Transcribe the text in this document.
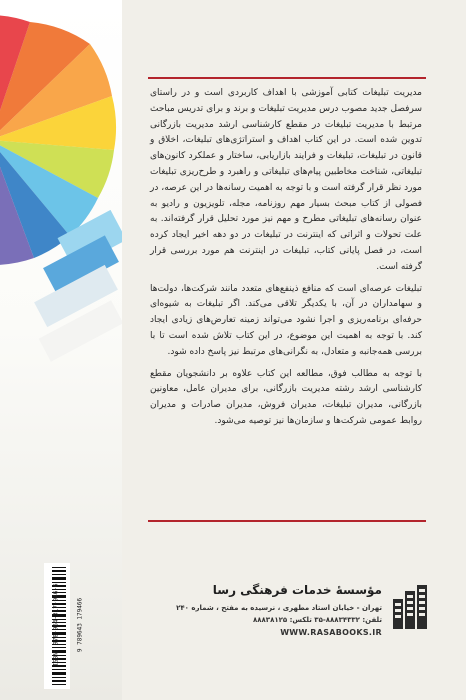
مدیریت تبلیغات کتابی آموزشی با اهداف کاربردی است و در راستای سرفصل جدید مصوب درس مدیریت تبلیغات و برند و برای تدریس مباحث مرتبط با مدیریت تبلیغات در مقطع کارشناسی ارشد مدیریت بازرگانی تدوین شده است. در این کتاب اهداف و استراتژی‌های تبلیغات، اخلاق و قانون در تبلیغات، تبلیغات و فرایند بازاریابی، ساختار و عملکرد کانون‌های تبلیغاتی، شناخت مخاطبین پیام‌های تبلیغاتی و راهبرد و طرح‌ریزی تبلیغات مورد نظر قرار گرفته است و با توجه به اهمیت رسانه‌ها در این عرصه، در فصولی از کتاب مبحث بسیار مهم روزنامه، مجله، تلویزیون و رادیو به عنوان رسانه‌های تبلیغاتی مطرح و مهم نیز مورد تحلیل قرار گرفته‌اند. به علت تحولات و اثراتی که اینترنت در تبلیغات در دو دهه اخیر ایجاد کرده است، در فصل پایانی کتاب، تبلیغات در اینترنت هم مورد بررسی قرار گرفته است.

تبلیغات عرصه‌ای است که منافع ذینفع‌های متعدد مانند شرکت‌ها، دولت‌ها و سهامداران در آن، با یکدیگر تلاقی می‌کند. اگر تبلیغات به شیوه‌ای حرفه‌ای برنامه‌ریزی و اجرا نشود می‌تواند زمینه تعارض‌های زیادی ایجاد کند. با توجه به اهمیت این موضوع، در این کتاب تلاش شده است تا با بررسی همه‌جانبه و متعادل، به نگرانی‌های مرتبط نیز پاسخ داده شود.

با توجه به مطالب فوق، مطالعه این کتاب علاوه بر دانشجویان مقطع کارشناسی ارشد رشته مدیریت بازرگانی، برای مدیران عامل، معاونین بازرگانی، مدیران تبلیغات، مدیران فروش، مدیران صادرات و مدیران روابط عمومی شرکت‌ها و سازمان‌ها نیز توصیه می‌شود.

ISBN: 978-964-317-946-6	9 789643 179466
مؤسسهٔ خدمات فرهنگی رسا
تهران - خیابان استاد مطهری ، نرسیده به مفتح ، شماره ۲۴۰
تلفن: ۸۸۸۳۴۳۳۲-۳۵ تلکس: ۸۸۸۳۸۱۲۵
WWW.RASABOOKS.IR
